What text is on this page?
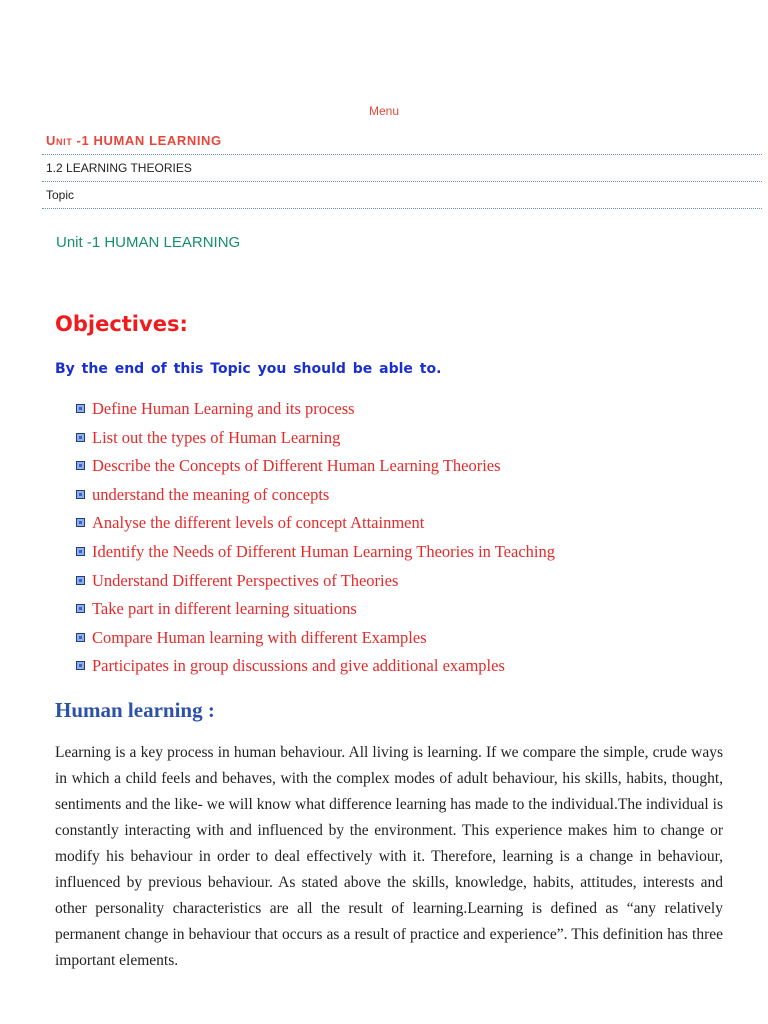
Menu
Unit -1 HUMAN LEARNING
1.2 LEARNING THEORIES
Topic
Unit -1 HUMAN LEARNING
Objectives:
By the end of this Topic you should be able to.
Define Human Learning and its process
List out the types of Human Learning
Describe the Concepts of Different Human Learning Theories
understand the meaning of concepts
Analyse the different levels of concept Attainment
Identify the Needs of Different Human Learning Theories in Teaching
Understand Different Perspectives of Theories
Take part in different learning situations
Compare Human learning with different Examples
Participates in group discussions and give additional examples
Human learning :

Learning is a key process in human behaviour. All living is learning. If we compare the simple, crude ways in which a child feels and behaves, with the complex modes of adult behaviour, his skills, habits, thought, sentiments and the like- we will know what difference learning has made to the individual.The individual is constantly interacting with and influenced by the environment. This experience makes him to change or modify his behaviour in order to deal effectively with it. Therefore, learning is a change in behaviour, influenced by previous behaviour. As stated above the skills, knowledge, habits, attitudes, interests and other personality characteristics are all the result of learning.Learning is defined as “any relatively permanent change in behaviour that occurs as a result of practice and experience”. This definition has three important elements.
